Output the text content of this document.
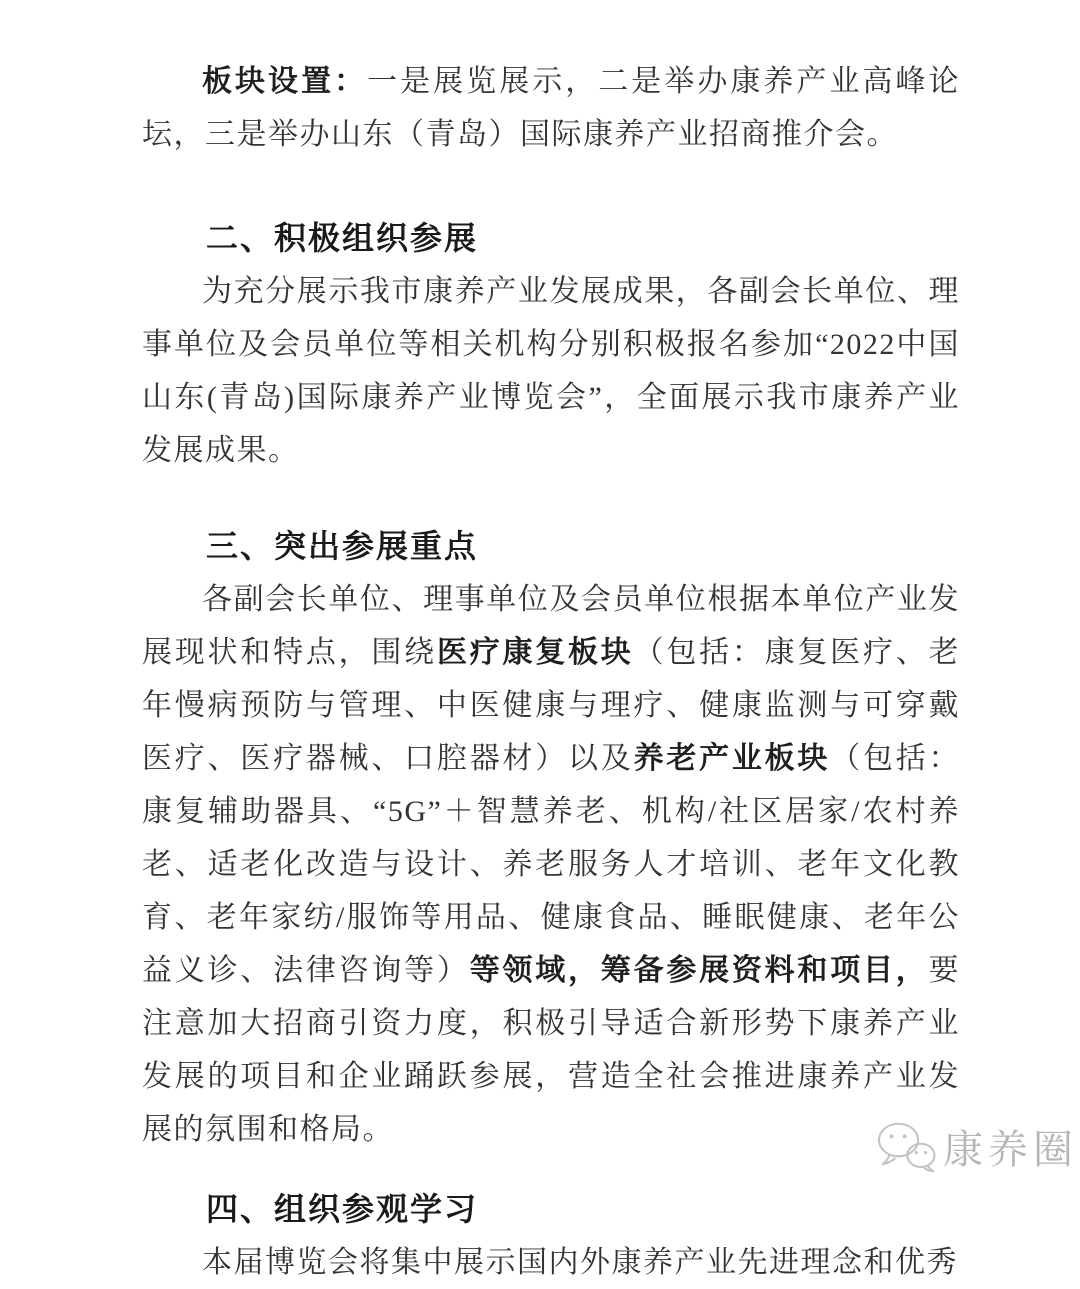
板块设置：一是展览展示，二是举办康养产业高峰论坛，三是举办山东（青岛）国际康养产业招商推介会。

二、积极组织参展

为充分展示我市康养产业发展成果，各副会长单位、理事单位及会员单位等相关机构分别积极报名参加“2022中国山东(青岛)国际康养产业博览会”，全面展示我市康养产业发展成果。

三、突出参展重点

各副会长单位、理事单位及会员单位根据本单位产业发展现状和特点，围绕医疗康复板块（包括：康复医疗、老年慢病预防与管理、中医健康与理疗、健康监测与可穿戴医疗、医疗器械、口腔器材）以及养老产业板块（包括：康复辅助器具、“5G”＋智慧养老、机构/社区居家/农村养老、适老化改造与设计、养老服务人才培训、老年文化教育、老年家纺/服饰等用品、健康食品、睡眠健康、老年公益义诊、法律咨询等）等领域，筹备参展资料和项目，要注意加大招商引资力度，积极引导适合新形势下康养产业发展的项目和企业踊跃参展，营造全社会推进康养产业发展的氛围和格局。

四、组织参观学习

本届博览会将集中展示国内外康养产业先进理念和优秀

康养圈
